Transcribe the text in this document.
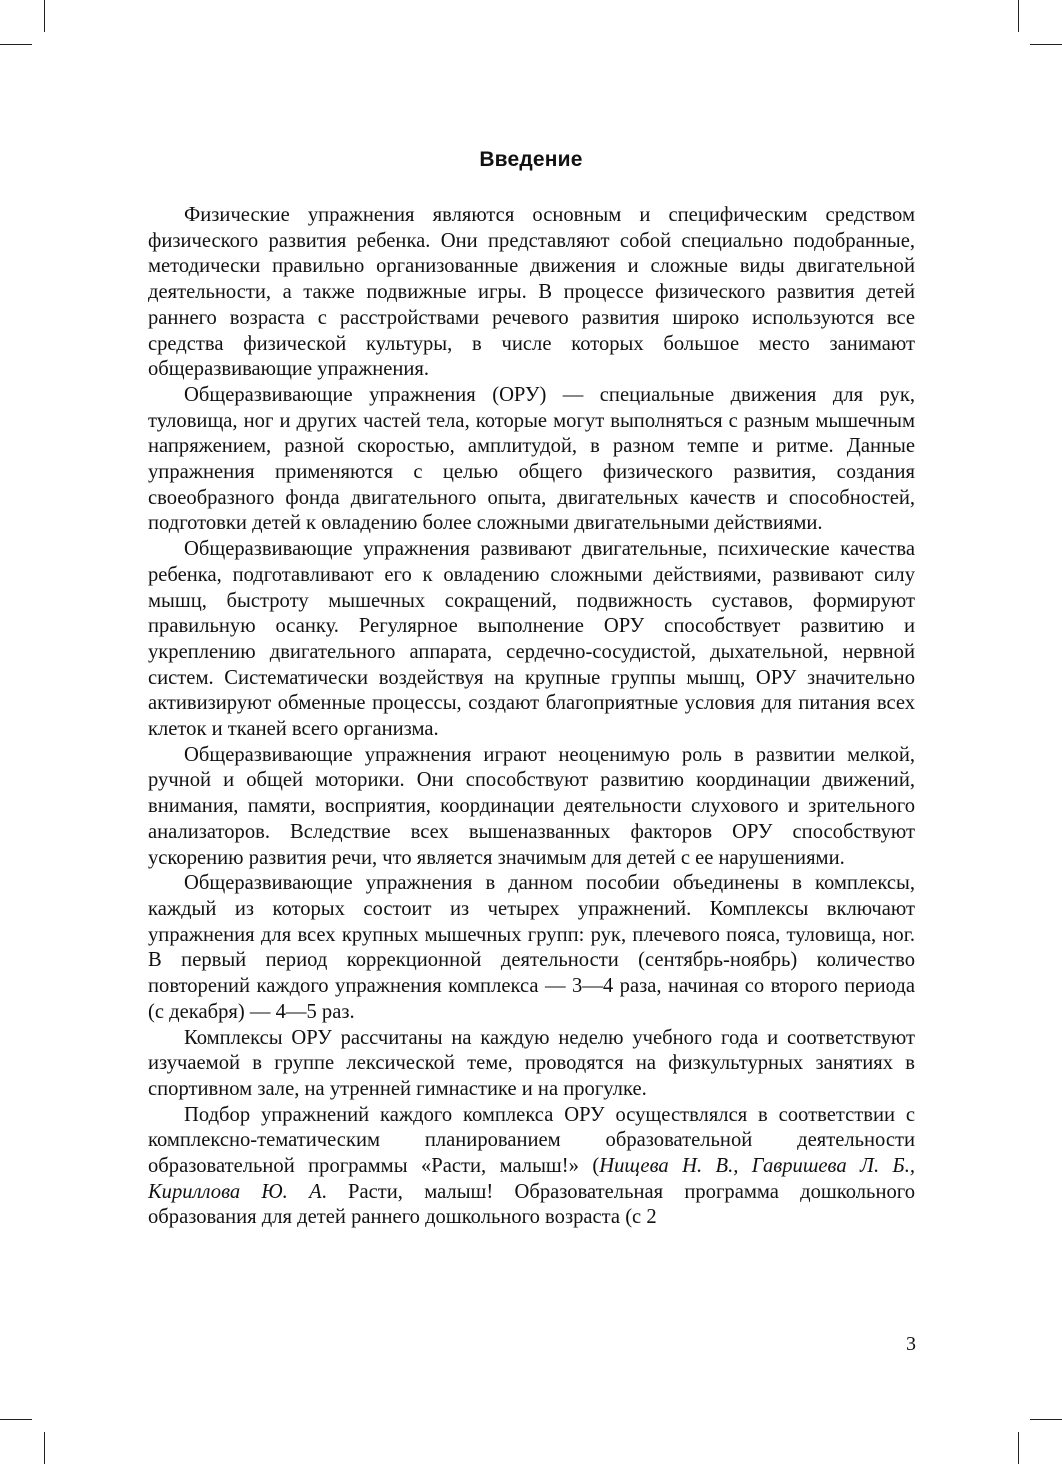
Введение

Физические упражнения являются основным и специфическим средством физического развития ребенка. Они представляют собой специально подобранные, методически правильно организованные движения и сложные виды двигательной деятельности, а также подвижные игры. В процессе физического развития детей раннего возраста с расстройствами речевого развития широко используются все средства физической культуры, в числе которых большое место занимают общеразвивающие упражнения.

Общеразвивающие упражнения (ОРУ) — специальные движения для рук, туловища, ног и других частей тела, которые могут выполняться с разным мышечным напряжением, разной скоростью, амплитудой, в разном темпе и ритме. Данные упражнения применяются с целью общего физического развития, создания своеобразного фонда двигательного опыта, двигательных качеств и способностей, подготовки детей к овладению более сложными двигательными действиями.

Общеразвивающие упражнения развивают двигательные, психические качества ребенка, подготавливают его к овладению сложными действиями, развивают силу мышц, быстроту мышечных сокращений, подвижность суставов, формируют правильную осанку. Регулярное выполнение ОРУ способствует развитию и укреплению двигательного аппарата, сердечно-сосудистой, дыхательной, нервной систем. Систематически воздействуя на крупные группы мышц, ОРУ значительно активизируют обменные процессы, создают благоприятные условия для питания всех клеток и тканей всего организма.

Общеразвивающие упражнения играют неоценимую роль в развитии мелкой, ручной и общей моторики. Они способствуют развитию координации движений, внимания, памяти, восприятия, координации деятельности слухового и зрительного анализаторов. Вследствие всех вышеназванных факторов ОРУ способствуют ускорению развития речи, что является значимым для детей с ее нарушениями.

Общеразвивающие упражнения в данном пособии объединены в комплексы, каждый из которых состоит из четырех упражнений. Комплексы включают упражнения для всех крупных мышечных групп: рук, плечевого пояса, туловища, ног. В первый период коррекционной деятельности (сентябрь-ноябрь) количество повторений каждого упражнения комплекса — 3—4 раза, начиная со второго периода (с декабря) — 4—5 раз.

Комплексы ОРУ рассчитаны на каждую неделю учебного года и соответствуют изучаемой в группе лексической теме, проводятся на физкультурных занятиях в спортивном зале, на утренней гимнастике и на прогулке.

Подбор упражнений каждого комплекса ОРУ осуществлялся в соответствии с комплексно-тематическим планированием образовательной деятельности образовательной программы «Расти, малыш!» (Нищева Н. В., Гавришева Л. Б., Кириллова Ю. А. Расти, малыш! Образовательная программа дошкольного образования для детей раннего дошкольного возраста (с 2

3
